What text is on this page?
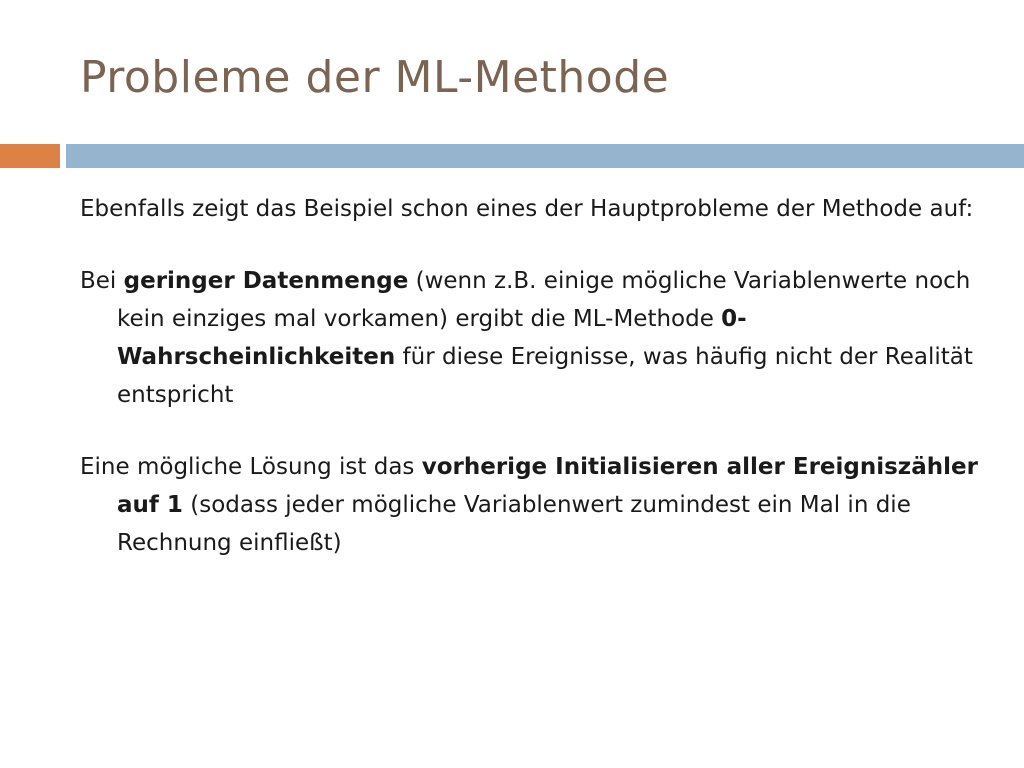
Probleme der ML-Methode

Ebenfalls zeigt das Beispiel schon eines der Hauptprobleme der Methode auf:

Bei geringer Datenmenge (wenn z.B. einige mögliche Variablenwerte noch kein einziges mal vorkamen) ergibt die ML-Methode 0-Wahrscheinlichkeiten für diese Ereignisse, was häufig nicht der Realität entspricht

Eine mögliche Lösung ist das vorherige Initialisieren aller Ereigniszähler auf 1 (sodass jeder mögliche Variablenwert zumindest ein Mal in die Rechnung einfließt)
